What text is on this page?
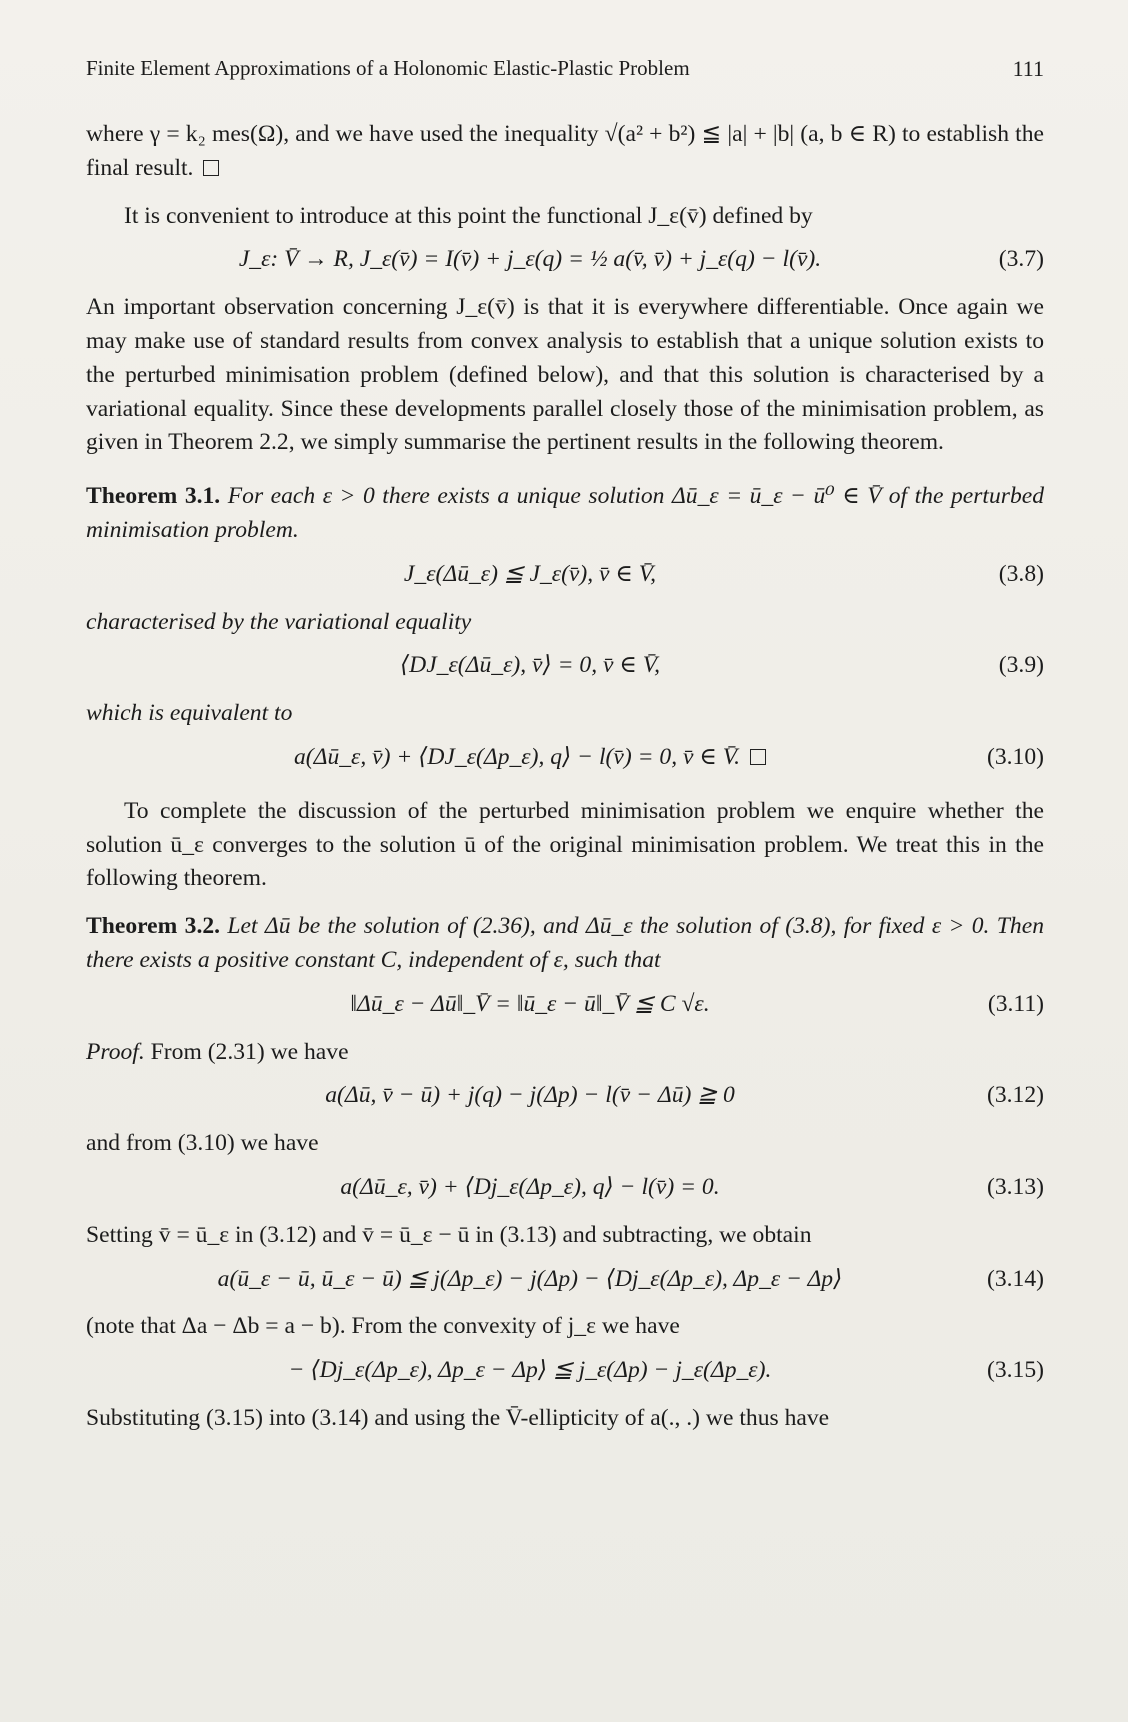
Finite Element Approximations of a Holonomic Elastic-Plastic Problem	111

where γ = k₂ mes(Ω), and we have used the inequality √(a² + b²) ≦ |a| + |b| (a, b ∈ R) to establish the final result.

It is convenient to introduce at this point the functional J_ε(v̄) defined by

J_ε: V̄ → R, J_ε(v̄) = I(v̄) + j_ε(q) = ½ a(v̄, v̄) + j_ε(q) − l(v̄).	(3.7)

An important observation concerning J_ε(v̄) is that it is everywhere differentiable. Once again we may make use of standard results from convex analysis to establish that a unique solution exists to the perturbed minimisation problem (defined below), and that this solution is characterised by a variational equality. Since these developments parallel closely those of the minimisation problem, as given in Theorem 2.2, we simply summarise the pertinent results in the following theorem.

Theorem 3.1. For each ε > 0 there exists a unique solution Δū_ε = ū_ε − ū⁰ ∈ V̄ of the perturbed minimisation problem.

J_ε(Δū_ε) ≦ J_ε(v̄), v̄ ∈ V̄,	(3.8)

characterised by the variational equality

⟨DJ_ε(Δū_ε), v̄⟩ = 0, v̄ ∈ V̄,	(3.9)

which is equivalent to

a(Δū_ε, v̄) + ⟨DJ_ε(Δp_ε), q⟩ − l(v̄) = 0, v̄ ∈ V̄.	(3.10)

To complete the discussion of the perturbed minimisation problem we enquire whether the solution ū_ε converges to the solution ū of the original minimisation problem. We treat this in the following theorem.

Theorem 3.2. Let Δū be the solution of (2.36), and Δū_ε the solution of (3.8), for fixed ε > 0. Then there exists a positive constant C, independent of ε, such that

‖Δū_ε − Δū‖_V̄ = ‖ū_ε − ū‖_V̄ ≦ C √ε.	(3.11)

Proof. From (2.31) we have

a(Δū, v̄ − ū) + j(q) − j(Δp) − l(v̄ − Δū) ≧ 0	(3.12)

and from (3.10) we have

a(Δū_ε, v̄) + ⟨Dj_ε(Δp_ε), q⟩ − l(v̄) = 0.	(3.13)

Setting v̄ = ū_ε in (3.12) and v̄ = ū_ε − ū in (3.13) and subtracting, we obtain

a(ū_ε − ū, ū_ε − ū) ≦ j(Δp_ε) − j(Δp) − ⟨Dj_ε(Δp_ε), Δp_ε − Δp⟩	(3.14)

(note that Δa − Δb = a − b). From the convexity of j_ε we have

− ⟨Dj_ε(Δp_ε), Δp_ε − Δp⟩ ≦ j_ε(Δp) − j_ε(Δp_ε).	(3.15)

Substituting (3.15) into (3.14) and using the V̄-ellipticity of a(., .) we thus have
